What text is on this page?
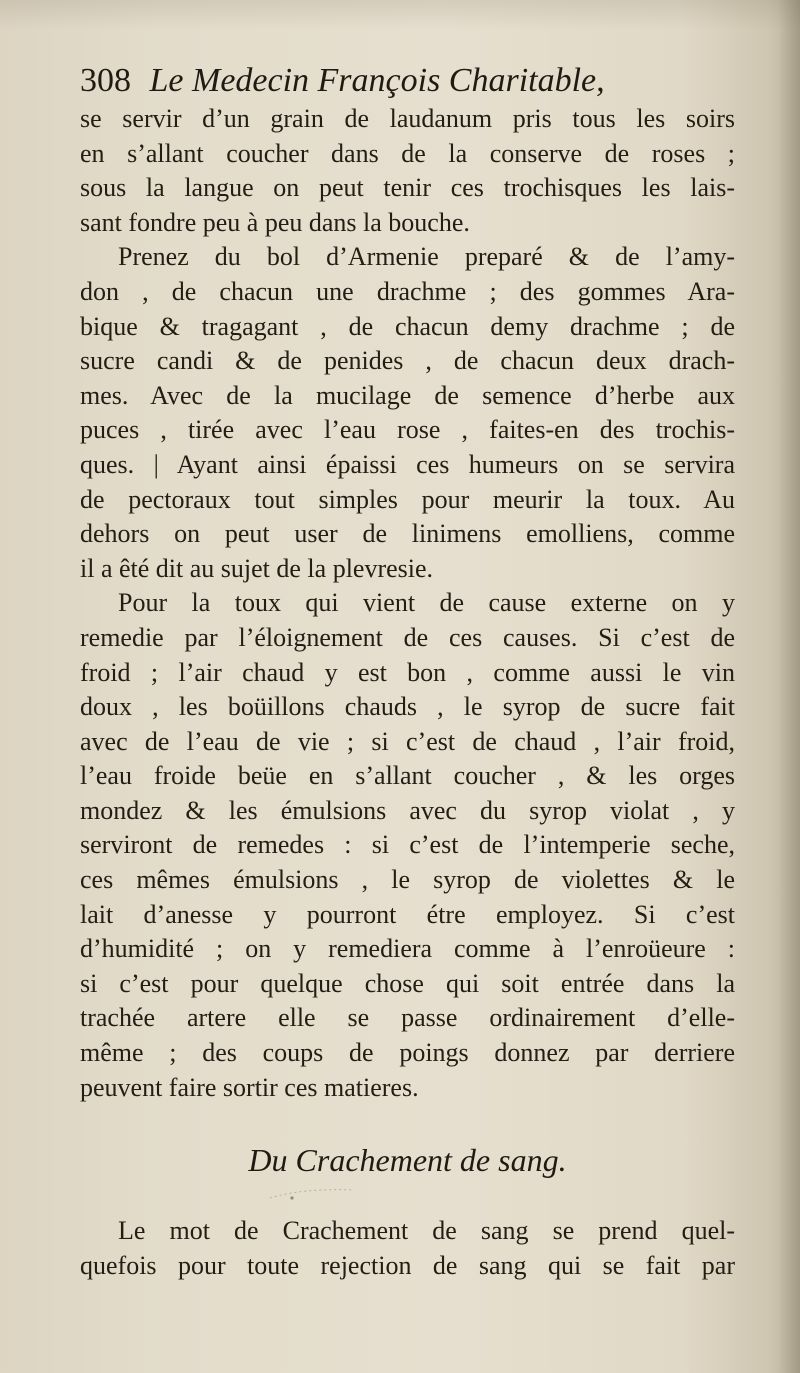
308 Le Medecin François Charitable,
se servir d’un grain de laudanum pris tous les soirs
en s’allant coucher dans de la conserve de roses ;
sous la langue on peut tenir ces trochisques les lais-
sant fondre peu à peu dans la bouche.
Prenez du bol d’Armenie preparé & de l’amy-
don , de chacun une drachme ; des gommes Ara-
bique & tragagant , de chacun demy drachme ; de
sucre candi & de penides , de chacun deux drach-
mes. Avec de la mucilage de semence d’herbe aux
puces , tirée avec l’eau rose , faites-en des trochis-
ques. | Ayant ainsi épaissi ces humeurs on se servira
de pectoraux tout simples pour meurir la toux. Au
dehors on peut user de linimens emolliens, comme
il a êté dit au sujet de la plevresie.
Pour la toux qui vient de cause externe on y
remedie par l’éloignement de ces causes. Si c’est de
froid ; l’air chaud y est bon , comme aussi le vin
doux , les boüillons chauds , le syrop de sucre fait
avec de l’eau de vie ; si c’est de chaud , l’air froid,
l’eau froide beüe en s’allant coucher , & les orges
mondez & les émulsions avec du syrop violat , y
serviront de remedes : si c’est de l’intemperie seche,
ces mêmes émulsions , le syrop de violettes & le
lait d’anesse y pourront étre employez. Si c’est
d’humidité ; on y remediera comme à l’enroüeure :
si c’est pour quelque chose qui soit entrée dans la
trachée artere elle se passe ordinairement d’elle-
même ; des coups de poings donnez par derriere
peuvent faire sortir ces matieres.
Du Crachement de sang.
Le mot de Crachement de sang se prend quel-
quefois pour toute rejection de sang qui se fait par
